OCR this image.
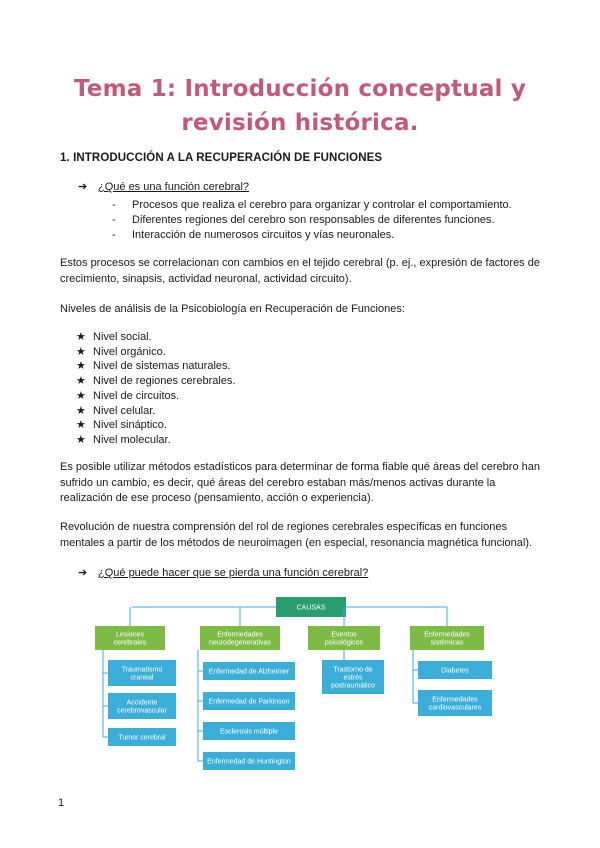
Tema 1: Introducción conceptual y
revisión histórica.
1. INTRODUCCIÓN A LA RECUPERACIÓN DE FUNCIONES
➔ ¿Qué es una función cerebral?
- Procesos que realiza el cerebro para organizar y controlar el comportamiento.
- Diferentes regiones del cerebro son responsables de diferentes funciones.
- Interacción de numerosos circuitos y vías neuronales.
Estos procesos se correlacionan con cambios en el tejido cerebral (p. ej., expresión de factores de crecimiento, sinapsis, actividad neuronal, actividad circuito).
Niveles de análisis de la Psicobiología en Recuperación de Funciones:
★ Nivel social.
★ Nivel orgánico.
★ Nivel de sistemas naturales.
★ Nivel de regiones cerebrales.
★ Nivel de circuitos.
★ Nivel celular.
★ Nivel sináptico.
★ Nivel molecular.
Es posible utilizar métodos estadísticos para determinar de forma fiable qué áreas del cerebro han sufrido un cambio, es decir, qué áreas del cerebro estaban más/menos activas durante la realización de ese proceso (pensamiento, acción o experiencia).
Revolución de nuestra comprensión del rol de regiones cerebrales específicas en funciones mentales a partir de los métodos de neuroimagen (en especial, resonancia magnética funcional).
➔ ¿Qué puede hacer que se pierda una función cerebral?
CAUSAS
Lesiones
cerebrales
Traumatismo
craneal
Accidente
cerebrovascular
Tumor cerebral
Enfermedades
neurodegenerativas
Enfermedad de Alzheimer
Enfermedad de Parkinson
Esclerosis múltiple
Enfermedad de Huntington
Eventos
psicológicos
Trastorno de
estrés
postraumático
Enfermedades
sistémicas
Diabetes
Enfermedades
cardiovasculares
1
